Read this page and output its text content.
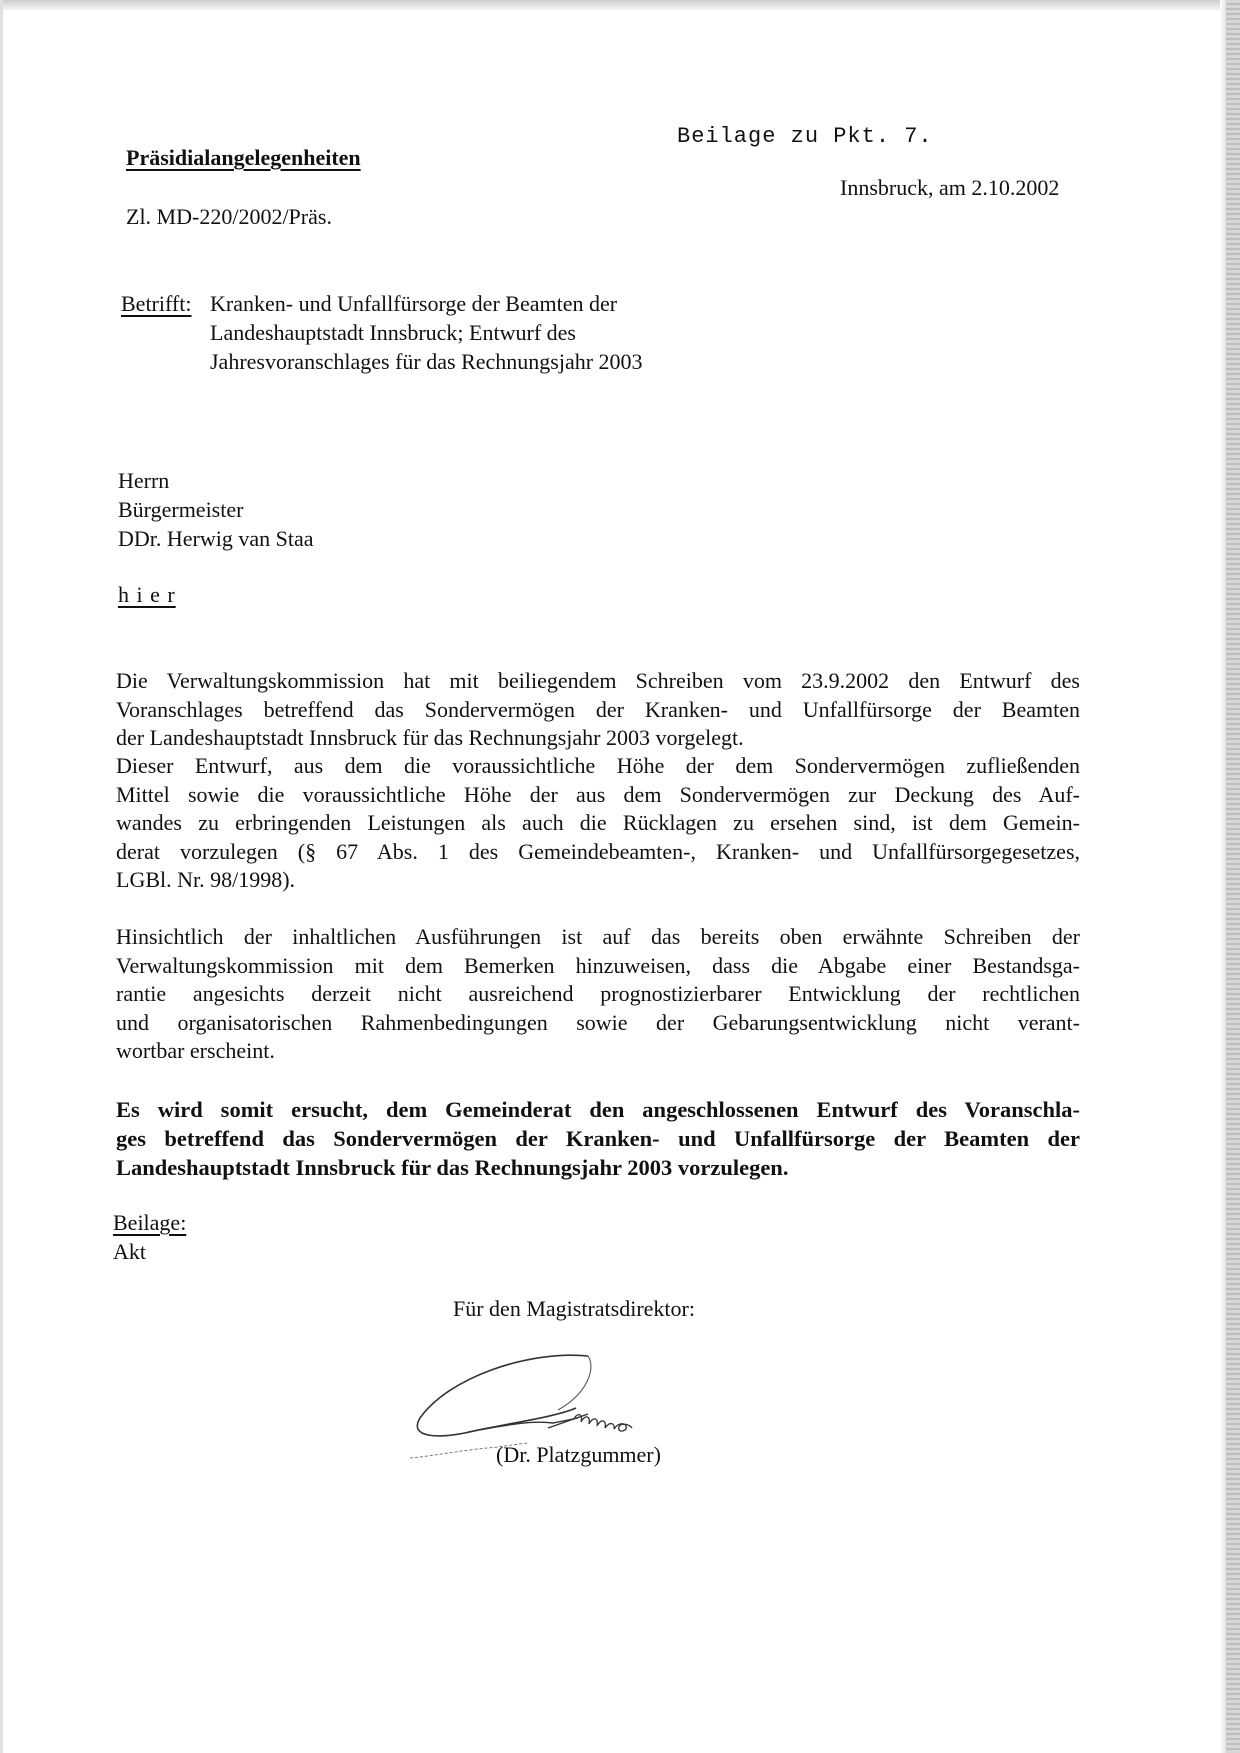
Präsidialangelegenheiten

Beilage zu Pkt. 7.

Innsbruck, am 2.10.2002

Zl. MD-220/2002/Präs.

Betrifft: Kranken- und Unfallfürsorge der Beamten der
Landeshauptstadt Innsbruck; Entwurf des
Jahresvoranschlages für das Rechnungsjahr 2003
Herrn
Bürgermeister
DDr. Herwig van Staa

h i e r

Die Verwaltungskommission hat mit beiliegendem Schreiben vom 23.9.2002 den Entwurf des
Voranschlages betreffend das Sondervermögen der Kranken- und Unfallfürsorge der Beamten
der Landeshauptstadt Innsbruck für das Rechnungsjahr 2003 vorgelegt.
Dieser Entwurf, aus dem die voraussichtliche Höhe der dem Sondervermögen zufließenden
Mittel sowie die voraussichtliche Höhe der aus dem Sondervermögen zur Deckung des Auf-
wandes zu erbringenden Leistungen als auch die Rücklagen zu ersehen sind, ist dem Gemein-
derat vorzulegen (§ 67 Abs. 1 des Gemeindebeamten-, Kranken- und Unfallfürsorgegesetzes,
LGBl. Nr. 98/1998).
Hinsichtlich der inhaltlichen Ausführungen ist auf das bereits oben erwähnte Schreiben der
Verwaltungskommission mit dem Bemerken hinzuweisen, dass die Abgabe einer Bestandsga-
rantie angesichts derzeit nicht ausreichend prognostizierbarer Entwicklung der rechtlichen
und organisatorischen Rahmenbedingungen sowie der Gebarungsentwicklung nicht verant-
wortbar erscheint.
Es wird somit ersucht, dem Gemeinderat den angeschlossenen Entwurf des Voranschla-
ges betreffend das Sondervermögen der Kranken- und Unfallfürsorge der Beamten der
Landeshauptstadt Innsbruck für das Rechnungsjahr 2003 vorzulegen.

Beilage:

Akt

Für den Magistratsdirektor:

(Dr. Platzgummer)
